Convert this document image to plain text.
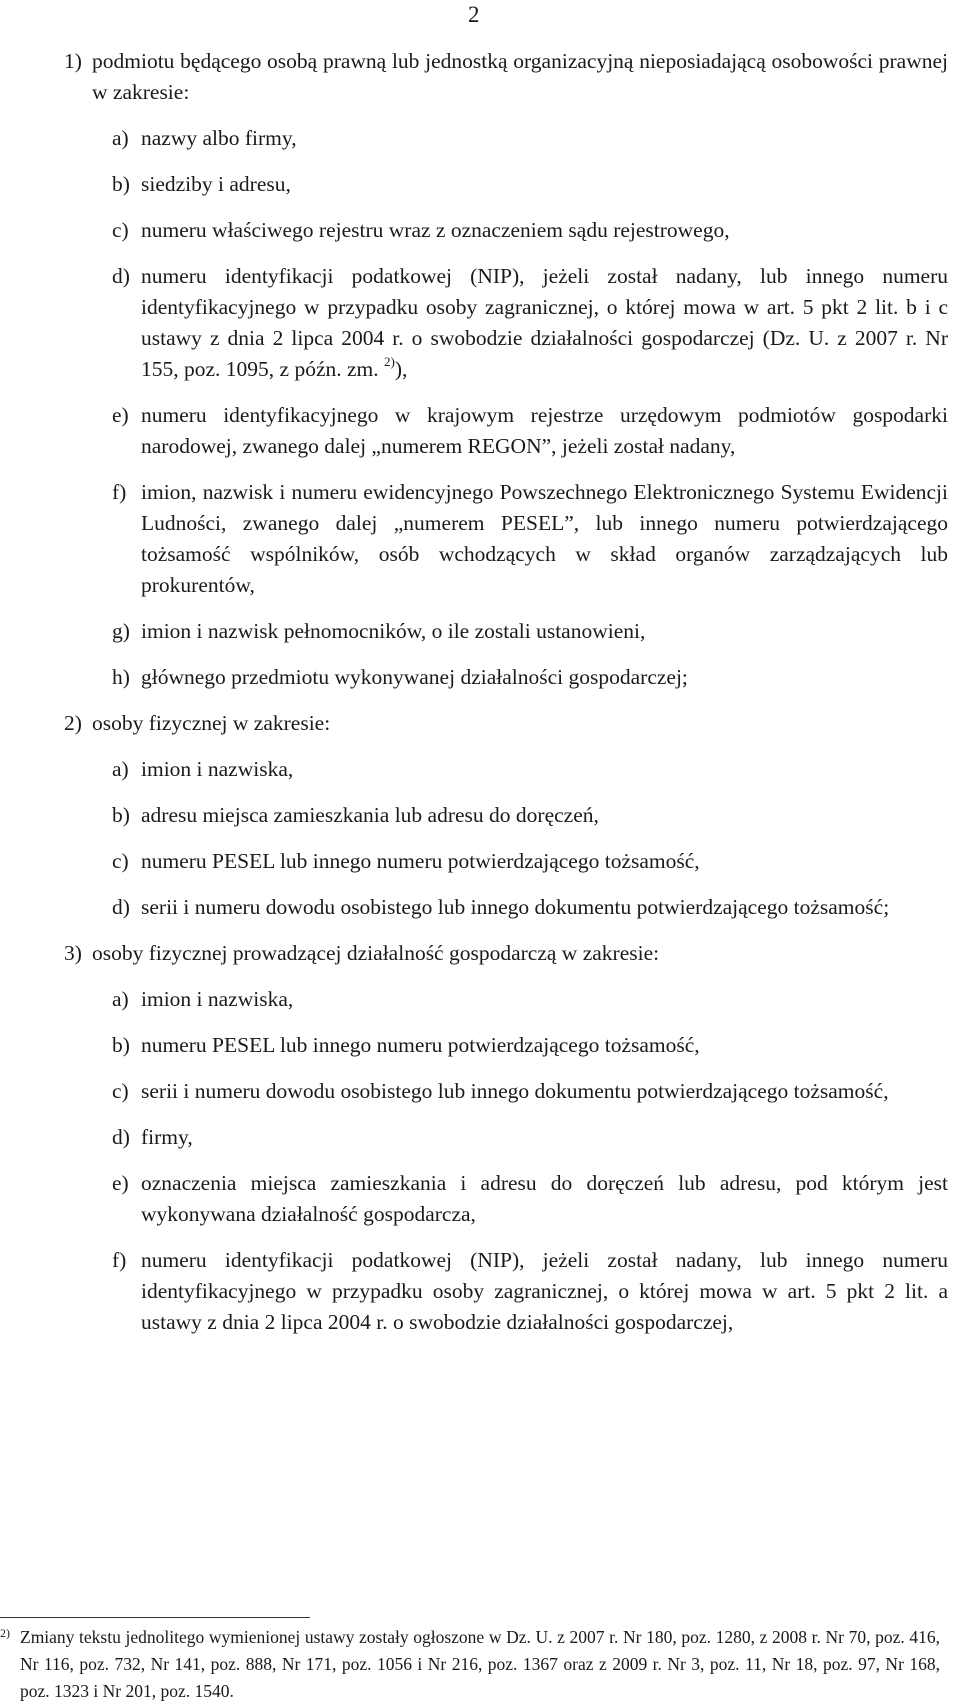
2
1) podmiotu będącego osobą prawną lub jednostką organizacyjną nieposiadającą osobowości prawnej w zakresie:
a) nazwy albo firmy,
b) siedziby i adresu,
c) numeru właściwego rejestru wraz z oznaczeniem sądu rejestrowego,
d) numeru identyfikacji podatkowej (NIP), jeżeli został nadany, lub innego numeru identyfikacyjnego w przypadku osoby zagranicznej, o której mowa w art. 5 pkt 2 lit. b i c ustawy z dnia 2 lipca 2004 r. o swobodzie działalności gospodarczej (Dz. U. z 2007 r. Nr 155, poz. 1095, z późn. zm. $^{2)}$),
e) numeru identyfikacyjnego w krajowym rejestrze urzędowym podmiotów gospodarki narodowej, zwanego dalej „numerem REGON”, jeżeli został nadany,
f) imion, nazwisk i numeru ewidencyjnego Powszechnego Elektronicznego Systemu Ewidencji Ludności, zwanego dalej „numerem PESEL”, lub innego numeru potwierdzającego tożsamość wspólników, osób wchodzących w skład organów zarządzających lub prokurentów,
g) imion i nazwisk pełnomocników, o ile zostali ustanowieni,
h) głównego przedmiotu wykonywanej działalności gospodarczej;
2) osoby fizycznej w zakresie:
a) imion i nazwiska,
b) adresu miejsca zamieszkania lub adresu do doręczeń,
c) numeru PESEL lub innego numeru potwierdzającego tożsamość,
d) serii i numeru dowodu osobistego lub innego dokumentu potwierdzającego tożsamość;
3) osoby fizycznej prowadzącej działalność gospodarczą w zakresie:
a) imion i nazwiska,
b) numeru PESEL lub innego numeru potwierdzającego tożsamość,
c) serii i numeru dowodu osobistego lub innego dokumentu potwierdzającego tożsamość,
d) firmy,
e) oznaczenia miejsca zamieszkania i adresu do doręczeń lub adresu, pod którym jest wykonywana działalność gospodarcza,
f) numeru identyfikacji podatkowej (NIP), jeżeli został nadany, lub innego numeru identyfikacyjnego w przypadku osoby zagranicznej, o której mowa w art. 5 pkt 2 lit. a ustawy z dnia 2 lipca 2004 r. o swobodzie działalności gospodarczej,
2) Zmiany tekstu jednolitego wymienionej ustawy zostały ogłoszone w Dz. U. z 2007 r. Nr 180, poz. 1280, z 2008 r. Nr 70, poz. 416, Nr 116, poz. 732, Nr 141, poz. 888, Nr 171, poz. 1056 i Nr 216, poz. 1367 oraz z 2009 r. Nr 3, poz. 11, Nr 18, poz. 97, Nr 168, poz. 1323 i Nr 201, poz. 1540.
